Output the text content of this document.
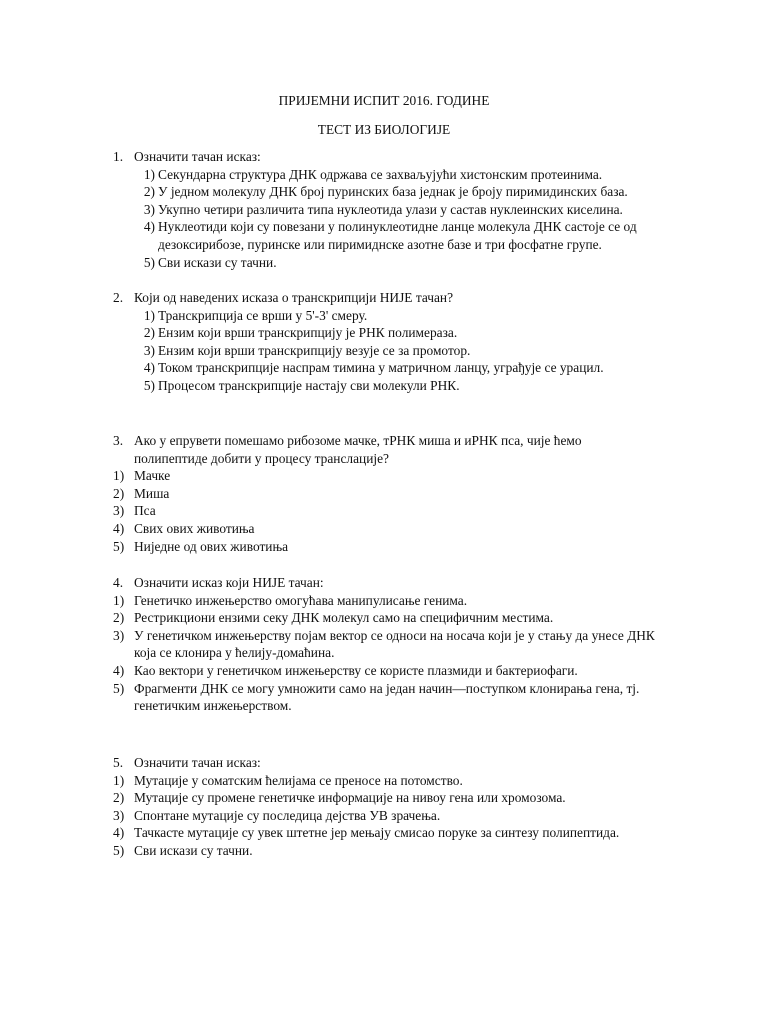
ПРИЈЕМНИ ИСПИТ 2016. ГОДИНЕ
ТЕСТ ИЗ БИОЛОГИЈЕ
1. Означити тачан исказ:
1) Секундарна структура ДНК одржава се захваљујући хистонским протеинима.
2) У једном молекулу ДНК број пуринских база једнак је броју пиримидинских база.
3) Укупно четири различита типа нуклеотида улази у састав нуклеинских киселина.
4) Нуклеотиди који су повезани у полинуклеотидне ланце молекула ДНК састоје се од
дезоксирибозе, пуринске или пиримиднске азотне базе и три фосфатне групе.
5) Сви искази су тачни.
2. Који од наведених исказа о транскрипцији НИЈЕ тачан?
1) Транскрипција се врши у 5'-3' смеру.
2) Ензим који врши транскрипцију је РНК полимераза.
3) Ензим који врши транскрипцију везује се за промотор.
4) Током транскрипције наспрам тимина у матричном ланцу, уграђује се урацил.
5) Процесом транскрипције настају сви молекули РНК.
3. Ако у епрувети помешамо рибозоме мачке, тРНК миша и иРНК пса, чије ћемо
полипептиде добити у процесу транслације?
1) Мачке
2) Миша
3) Пса
4) Свих ових животиња
5) Ниједне од ових животиња
4. Означити исказ који НИЈЕ тачан:
1) Генетичко инжењерство омогућава манипулисање генима.
2) Рестрикциони ензими секу ДНК молекул само на специфичним местима.
3) У генетичком инжењерству појам вектор се односи на носача који је у стању да унесе ДНК
која се клонира у ћелију-домаћина.
4) Као вектори у генетичком инжењерству се користе плазмиди и бактериофаги.
5) Фрагменти ДНК се могу умножити само на један начин—поступком клонирања гена, тј.
генетичким инжењерством.
5. Означити тачан исказ:
1) Мутације у соматским ћелијама се преносе на потомство.
2) Мутације су промене генетичке информације на нивоу гена или хромозома.
3) Спонтане мутације су последица дејства УВ зрачења.
4) Тачкасте мутације су увек штетне јер мењају смисао поруке за синтезу полипептида.
5) Сви искази су тачни.
